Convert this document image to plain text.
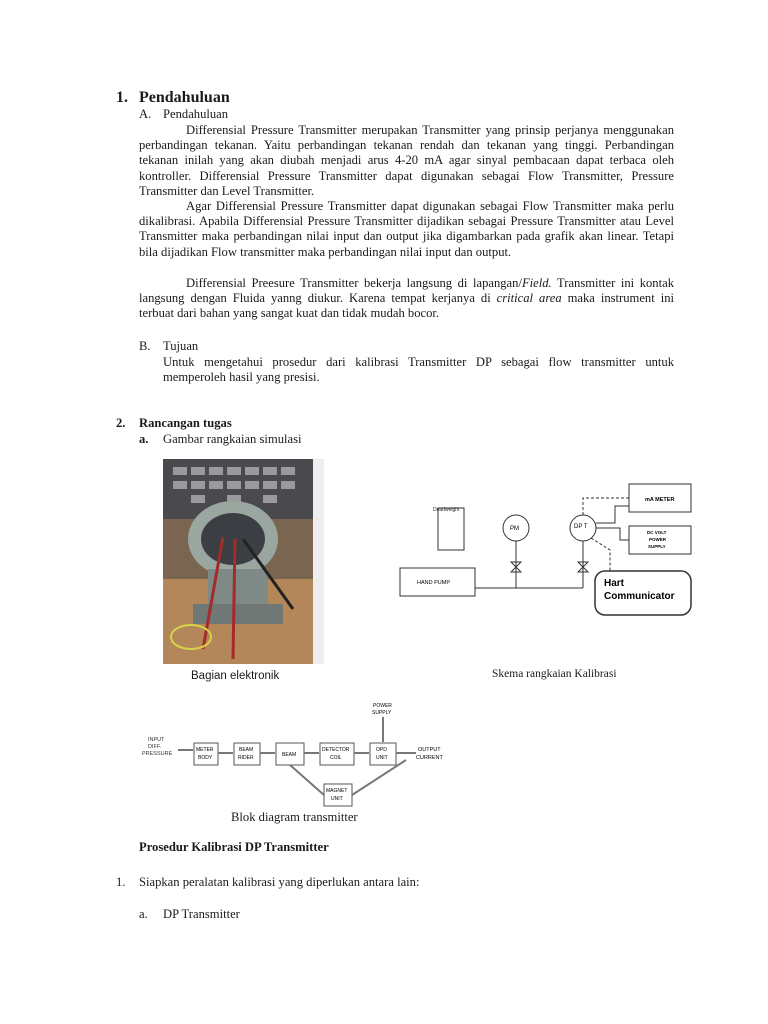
1. Pendahuluan
A. Pendahuluan
Differensial Pressure Transmitter merupakan Transmitter yang prinsip perjanya menggunakan perbandingan tekanan. Yaitu perbandingan tekanan rendah dan tekanan yang tinggi. Perbandingan tekanan inilah yang akan diubah menjadi arus 4-20 mA agar sinyal pembacaan dapat terbaca oleh kontroller. Differensial Pressure Transmitter dapat digunakan sebagai Flow Transmitter, Pressure Transmitter dan Level Transmitter.
Agar Differensial Pressure Transmitter dapat digunakan sebagai Flow Transmitter maka perlu dikalibrasi. Apabila Differensial Pressure Transmitter dijadikan sebagai Pressure Transmitter atau Level Transmitter maka perbandingan nilai input dan output jika digambarkan pada grafik akan linear. Tetapi bila dijadikan Flow transmitter maka perbandingan nilai input dan output.
Differensial Preesure Transmitter bekerja langsung di lapangan/Field. Transmitter ini kontak langsung dengan Fluida yanng diukur. Karena tempat kerjanya di critical area maka instrument ini terbuat dari bahan yang sangat kuat dan tidak mudah bocor.
B. Tujuan
Untuk mengetahui prosedur dari kalibrasi Transmitter DP sebagai flow transmitter untuk memperoleh hasil yang presisi.
2. Rancangan tugas
a. Gambar rangkaian simulasi
Bagian elektronik
Deadweight
PM	DP T
HAND PUMP
mA METER
DC VOLT
POWER
SUPPLY
Hart
Communicator
Skema rangkaian Kalibrasi
INPUT
DIFF.
PRESSURE
METER
BODY
BEAM
RIDER	BEAM
DETECTOR
COIL
POWER
SUPPLY
OPD
UNIT
OUTPUT
CURRENT
MAGNET
UNIT
Blok diagram transmitter
Prosedur Kalibrasi DP Transmitter
1. Siapkan peralatan kalibrasi yang diperlukan antara lain:
a. DP Transmitter
